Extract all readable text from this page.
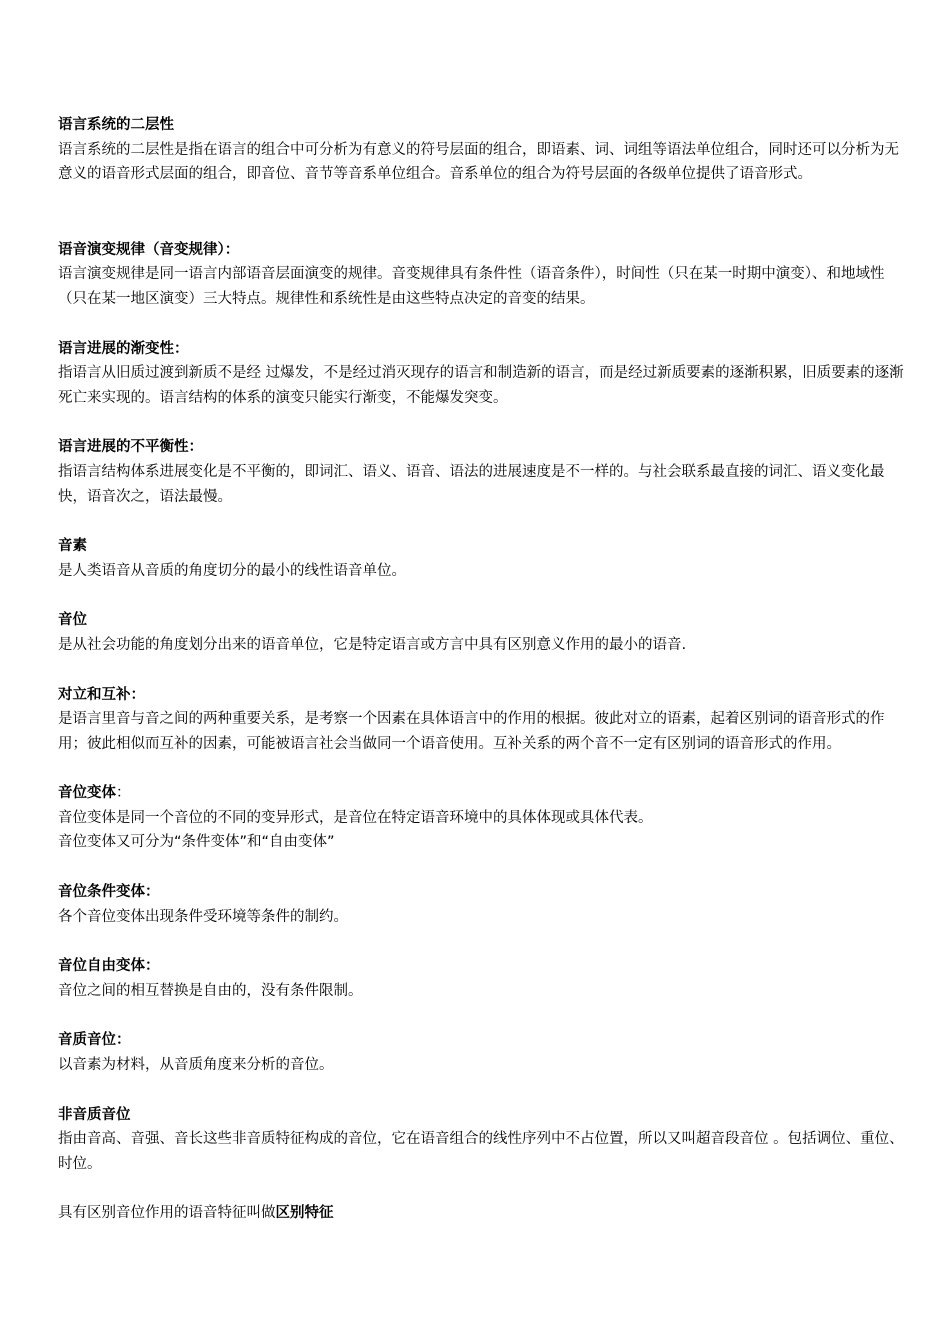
语言系统的二层性

语言系统的二层性是指在语言的组合中可分析为有意义的符号层面的组合，即语素、词、词组等语法单位组合，同时还可以分析为无意义的语音形式层面的组合，即音位、音节等音系单位组合。音系单位的组合为符号层面的各级单位提供了语音形式。

语音演变规律（音变规律）：

语言演变规律是同一语言内部语音层面演变的规律。音变规律具有条件性（语音条件），时间性（只在某一时期中演变）、和地域性（只在某一地区演变）三大特点。规律性和系统性是由这些特点决定的音变的结果。

语言进展的渐变性：

指语言从旧质过渡到新质不是经 过爆发，不是经过消灭现存的语言和制造新的语言，而是经过新质要素的逐渐积累，旧质要素的逐渐死亡来实现的。语言结构的体系的演变只能实行渐变，不能爆发突变。

语言进展的不平衡性：

指语言结构体系进展变化是不平衡的，即词汇、语义、语音、语法的进展速度是不一样的。与社会联系最直接的词汇、语义变化最快，语音次之，语法最慢。

音素

是人类语音从音质的角度切分的最小的线性语音单位。

音位

是从社会功能的角度划分出来的语音单位，它是特定语言或方言中具有区别意义作用的最小的语音.

对立和互补：

是语言里音与音之间的两种重要关系，是考察一个因素在具体语言中的作用的根据。彼此对立的语素，起着区别词的语音形式的作用；彼此相似而互补的因素，可能被语言社会当做同一个语音使用。互补关系的两个音不一定有区别词的语音形式的作用。

音位变体：

音位变体是同一个音位的不同的变异形式，是音位在特定语音环境中的具体体现或具体代表。

音位变体又可分为“条件变体”和“自由变体”

音位条件变体：

各个音位变体出现条件受环境等条件的制约。

音位自由变体：

音位之间的相互替换是自由的，没有条件限制。

音质音位：

以音素为材料，从音质角度来分析的音位。

非音质音位

指由音高、音强、音长这些非音质特征构成的音位，它在语音组合的线性序列中不占位置，所以又叫超音段音位 。包括调位、重位、时位。

具有区别音位作用的语音特征叫做区别特征
